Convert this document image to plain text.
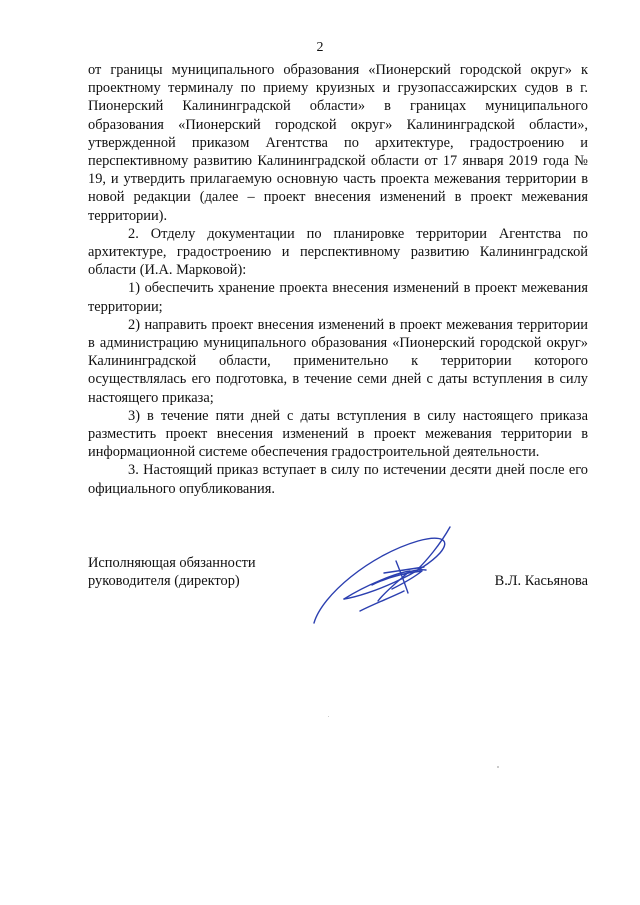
2

от границы муниципального образования «Пионерский городской округ» к проектному терминалу по приему круизных и грузопассажирских судов в г. Пионерский Калининградской области» в границах муниципального образования «Пионерский городской округ» Калининградской области», утвержденной приказом Агентства по архитектуре, градостроению и перспективному развитию Калининградской области от 17 января 2019 года № 19, и утвердить прилагаемую основную часть проекта межевания территории в новой редакции (далее – проект внесения изменений в проект межевания территории).

2. Отделу документации по планировке территории Агентства по архитектуре, градостроению и перспективному развитию Калининградской области (И.А. Марковой):

1) обеспечить хранение проекта внесения изменений в проект межевания территории;

2) направить проект внесения изменений в проект межевания территории в администрацию муниципального образования «Пионерский городской округ» Калининградской области, применительно к территории которого осуществлялась его подготовка, в течение семи дней с даты вступления в силу настоящего приказа;

3) в течение пяти дней с даты вступления в силу настоящего приказа разместить проект внесения изменений в проект межевания территории в информационной системе обеспечения градостроительной деятельности.

3. Настоящий приказ вступает в силу по истечении десяти дней после его официального опубликования.

Исполняющая обязанности
руководителя (директор)	В.Л. Касьянова
